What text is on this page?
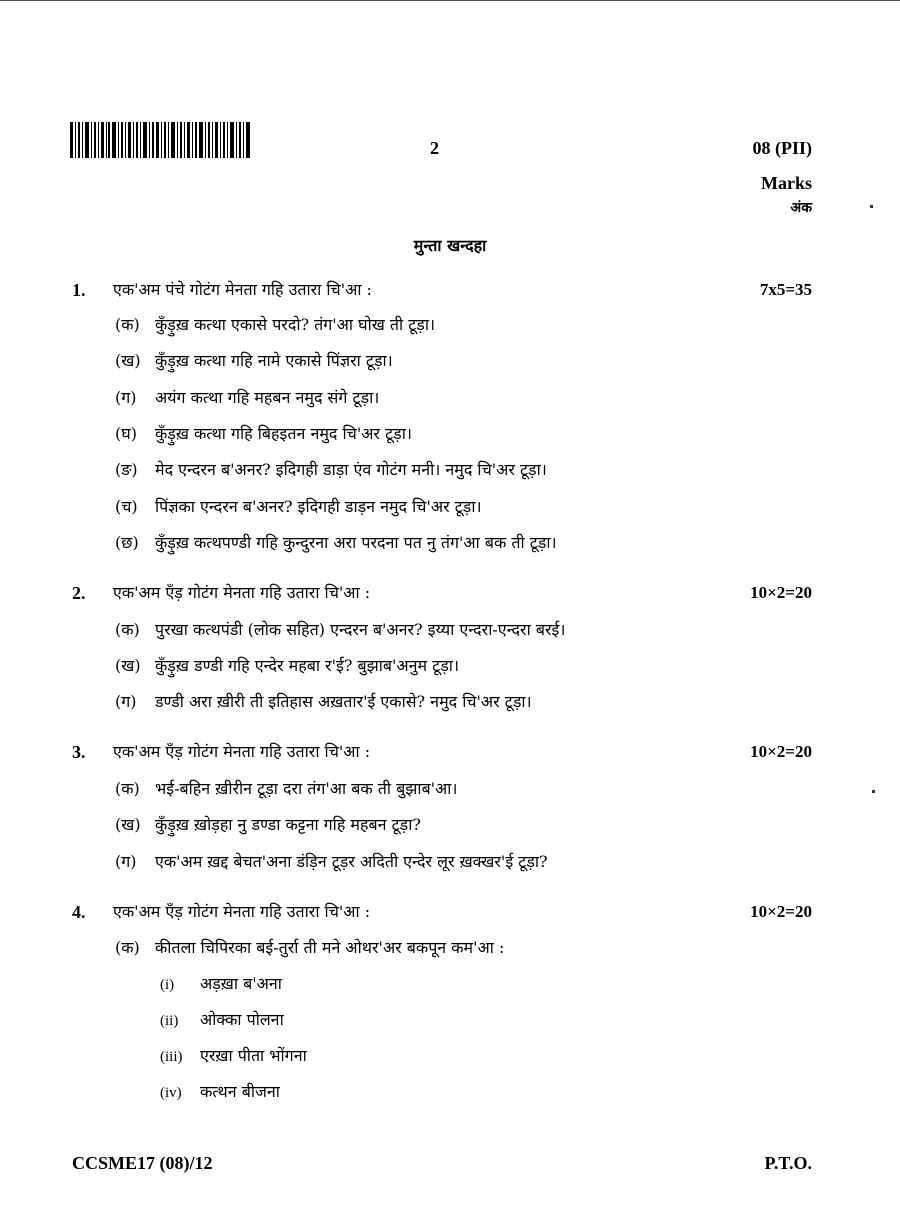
2	08 (PII)
Marks
अंक
मुन्ता खन्दहा
1. एक'अम पंचे गोटंग मेनता गहि उतारा चि'आ :	7x5=35
(क) कुँड़ुख़ कत्था एकासे परदो? तंग'आ घोख ती टूड़ा।
(ख) कुँड़ुख़ कत्था गहि नामे एकासे पिंज्ञरा टूड़ा।
(ग) अयंग कत्था गहि महबन नमुद संगे टूड़ा।
(घ) कुँड़ुख़ कत्था गहि बिहइतन नमुद चि'अर टूड़ा।
(ङ) मेद एन्दरन ब'अनर? इदिगही डाड़ा एंव गोटंग मनी। नमुद चि'अर टूड़ा।
(च) पिंज्ञका एन्दरन ब'अनर? इदिगही डाड़न नमुद चि'अर टूड़ा।
(छ) कुँड़ुख़ कत्थपण्डी गहि कुन्दुरना अरा परदना पत नु तंग'आ बक ती टूड़ा।
2. एक'अम एँड़ गोटंग मेनता गहि उतारा चि'आ :	10×2=20
(क) पुरखा कत्थपंडी (लोक सहित) एन्दरन ब'अनर? इय्या एन्दरा-एन्दरा बरई।
(ख) कुँड़ुख़ डण्डी गहि एन्देर महबा र'ई? बुझाब'अनुम टूड़ा।
(ग) डण्डी अरा ख़ीरी ती इतिहास अख़तार'ई एकासे? नमुद चि'अर टूड़ा।
3. एक'अम एँड़ गोटंग मेनता गहि उतारा चि'आ :	10×2=20
(क) भई-बहिन ख़ीरीन टूड़ा दरा तंग'आ बक ती बुझाब'आ।
(ख) कुँड़ुख़ ख़ोड़हा नु डण्डा कट्टना गहि महबन टूड़ा?
(ग) एक'अम ख़द्द बेचत'अना डंड़िन टूड़र अदिती एन्देर लूर ख़क्खर'ई टूड़ा?
4. एक'अम एँड़ गोटंग मेनता गहि उतारा चि'आ :	10×2=20
(क) कीतला चिपिरका बई-तुर्रा ती मने ओथर'अर बकपून कम'आ :
(i) अड़ख़ा ब'अना
(ii) ओक्का पोलना
(iii) एरख़ा पीता भोंगना
(iv) कत्थन बीजना
CCSME17 (08)/12	P.T.O.
